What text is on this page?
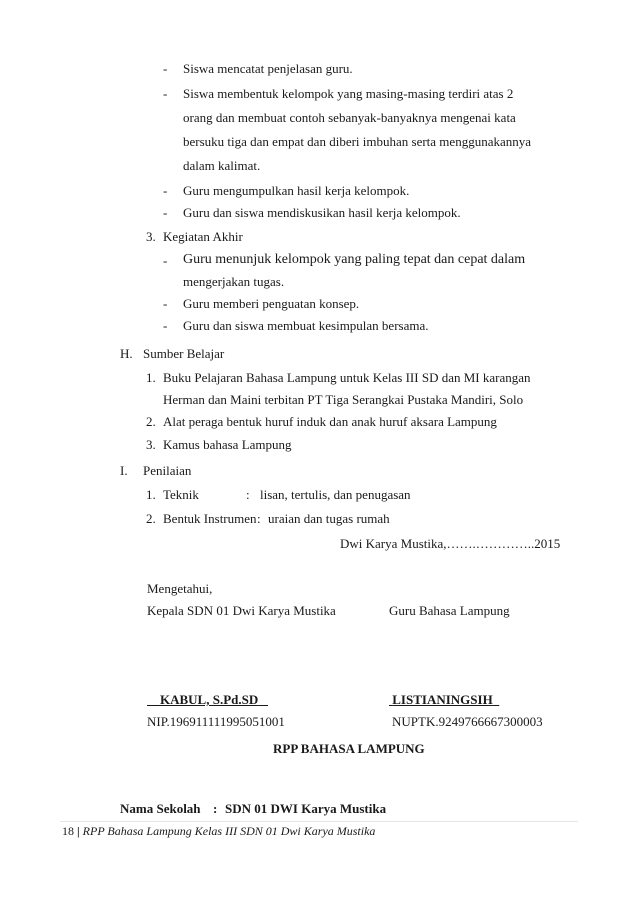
- Siswa mencatat penjelasan guru.
- Siswa membentuk kelompok yang masing-masing terdiri atas 2
orang dan membuat contoh sebanyak-banyaknya mengenai kata
bersuku tiga dan empat dan diberi imbuhan serta menggunakannya
dalam kalimat.
- Guru mengumpulkan hasil kerja kelompok.
- Guru dan siswa mendiskusikan hasil kerja kelompok.
3. Kegiatan Akhir
- Guru menunjuk kelompok yang paling tepat dan cepat dalam
mengerjakan tugas.
- Guru memberi penguatan konsep.
- Guru dan siswa membuat kesimpulan bersama.
H. Sumber Belajar
1. Buku Pelajaran Bahasa Lampung untuk Kelas III SD dan MI karangan
Herman dan Maini terbitan PT Tiga Serangkai Pustaka Mandiri, Solo
2. Alat peraga bentuk huruf induk dan anak huruf aksara Lampung
3. Kamus bahasa Lampung
I. Penilaian
1. Teknik	: lisan, tertulis, dan penugasan
2. Bentuk Instrumen : uraian dan tugas rumah
Dwi Karya Mustika,…….…………..2015
Mengetahui,
Kepala SDN 01 Dwi Karya Mustika	Guru Bahasa Lampung
KABUL, S.Pd.SD	LISTIANINGSIH
NIP.196911111995051001	NUPTK.9249766667300003
RPP BAHASA LAMPUNG
Nama Sekolah : SDN 01 DWI Karya Mustika
18 | RPP Bahasa Lampung Kelas III SDN 01 Dwi Karya Mustika
